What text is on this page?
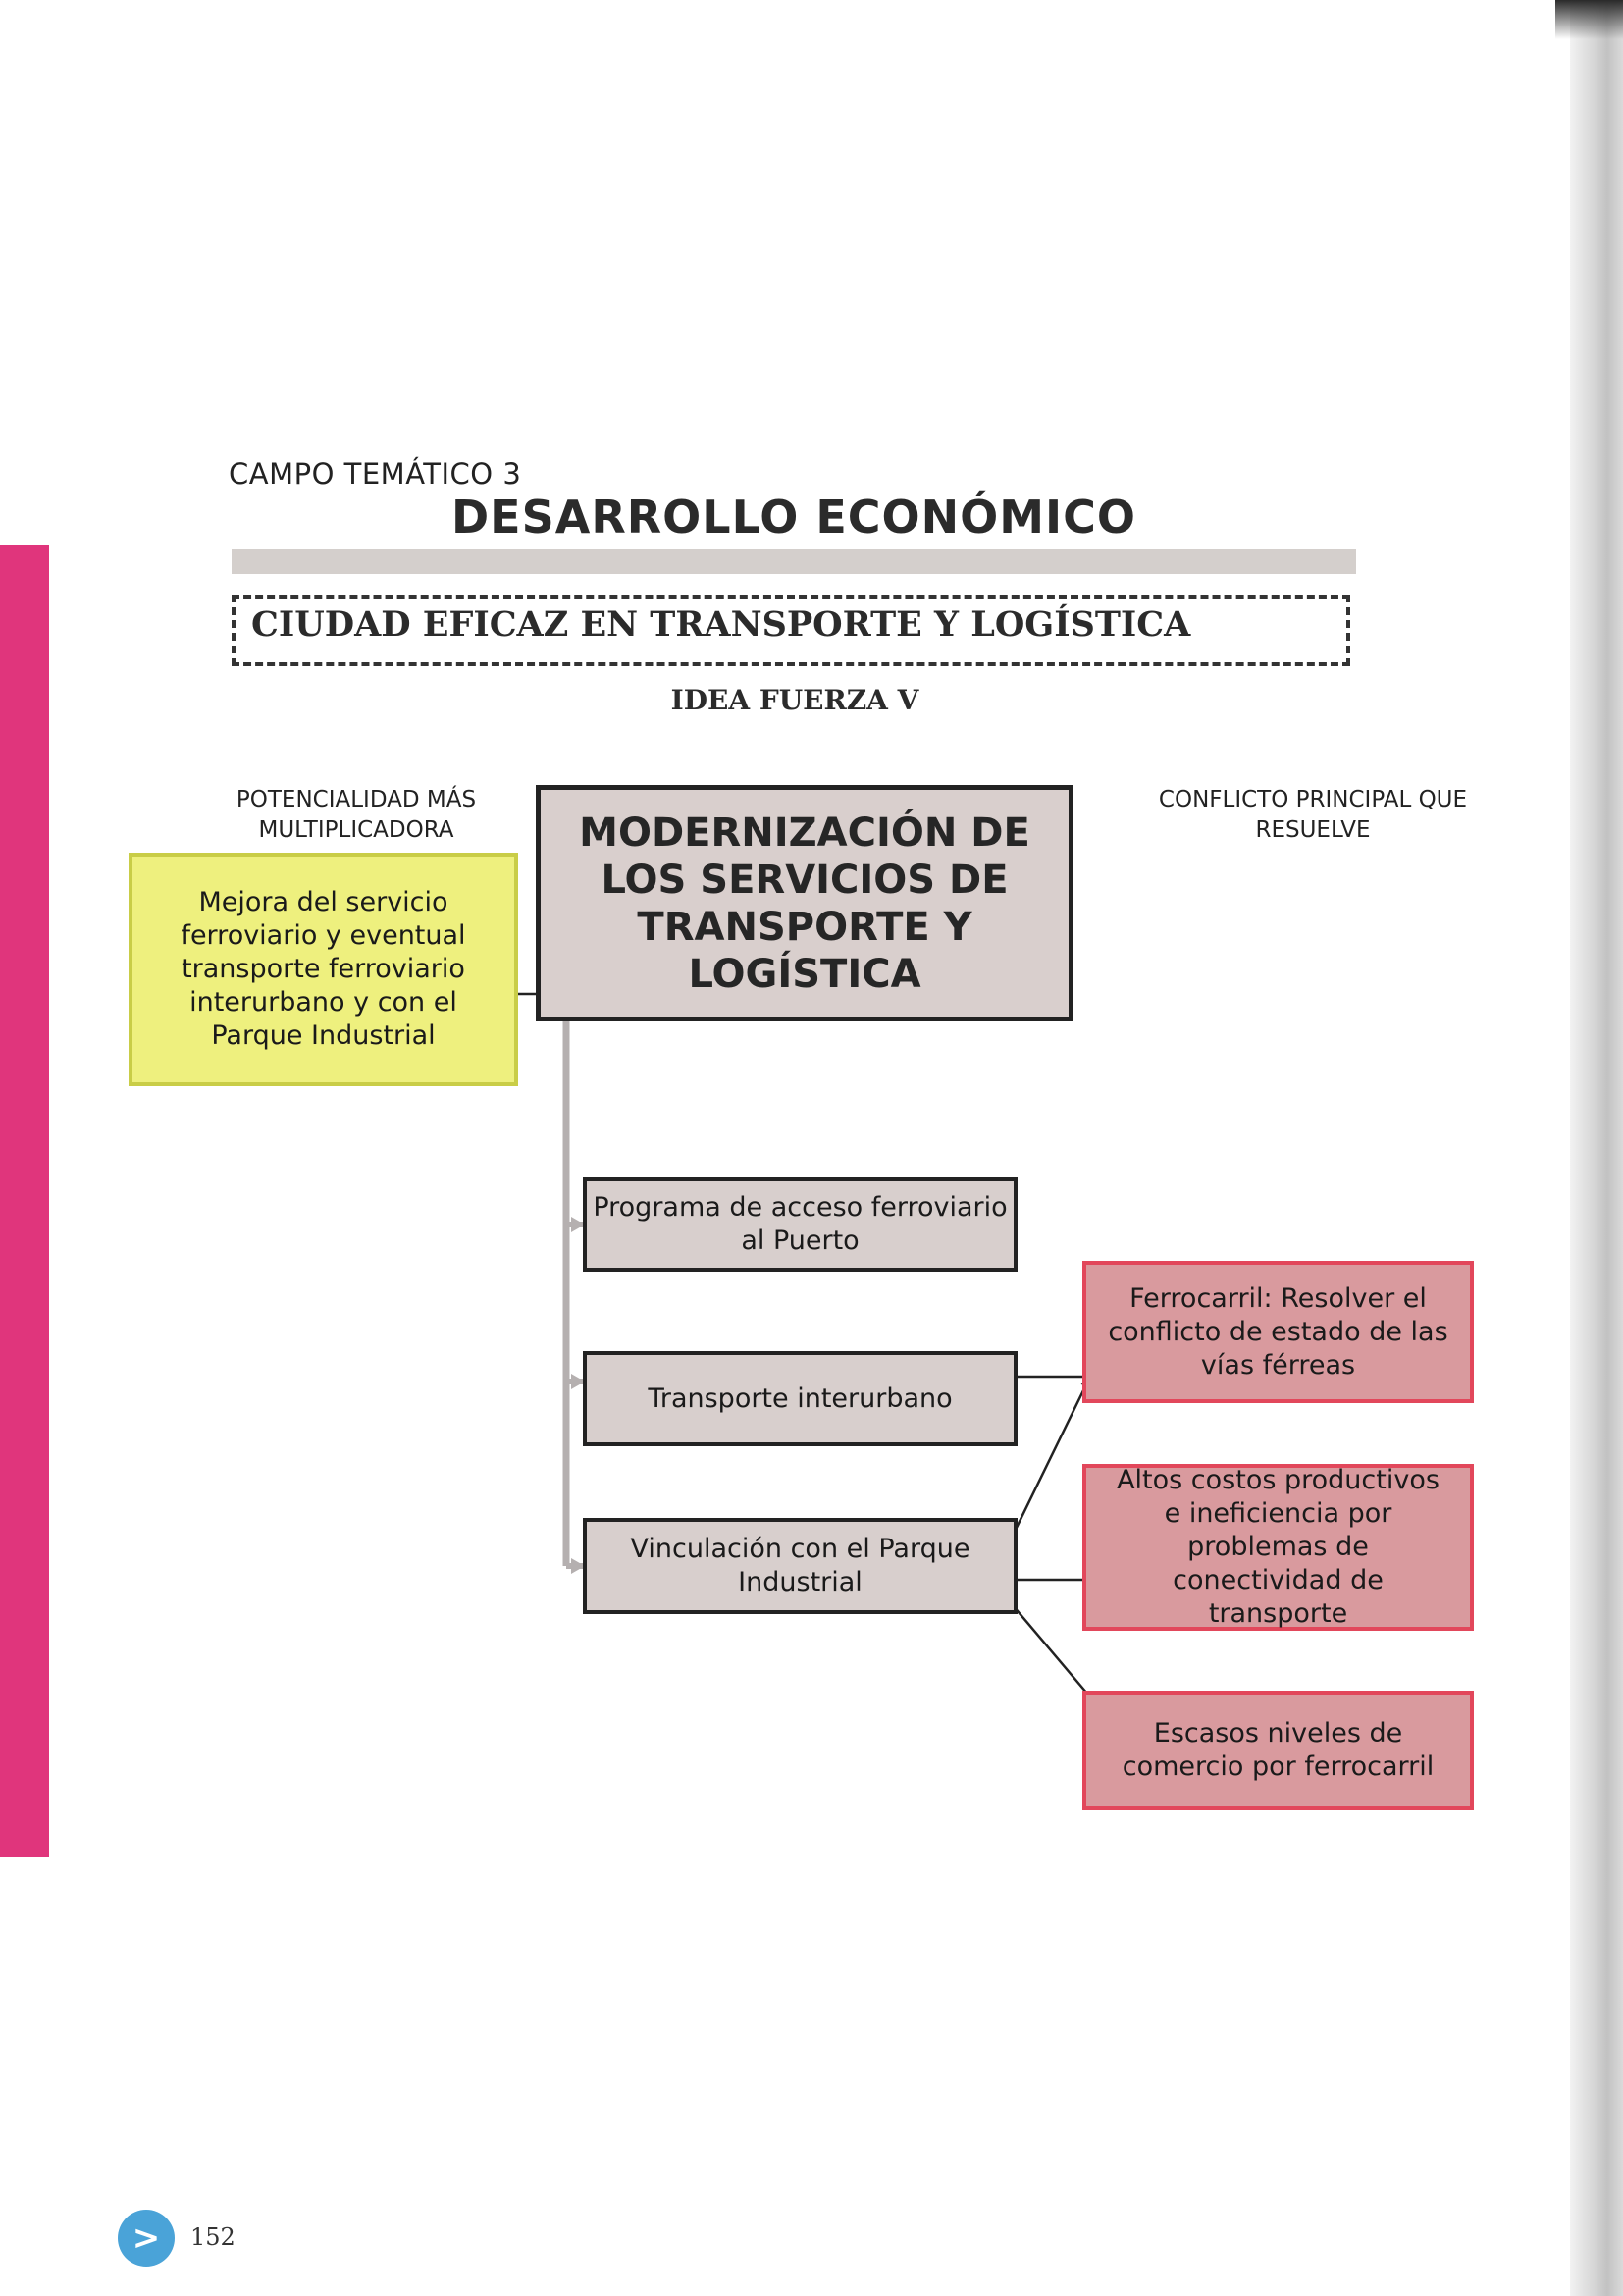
CAMPO TEMÁTICO 3
DESARROLLO ECONÓMICO
CIUDAD EFICAZ EN TRANSPORTE Y LOGÍSTICA
IDEA FUERZA V
POTENCIALIDAD MÁS MULTIPLICADORA
CONFLICTO PRINCIPAL QUE RESUELVE
Mejora del servicio ferroviario y eventual transporte ferroviario interurbano y con el Parque Industrial
MODERNIZACIÓN DE LOS SERVICIOS DE TRANSPORTE Y LOGÍSTICA
Programa de acceso ferroviario al Puerto
Transporte interurbano
Vinculación con el Parque Industrial
Ferrocarril: Resolver el conflicto de estado de las vías férreas
Altos costos productivos e ineficiencia por problemas de conectividad de transporte
Escasos niveles de comercio por ferrocarril
>	152
